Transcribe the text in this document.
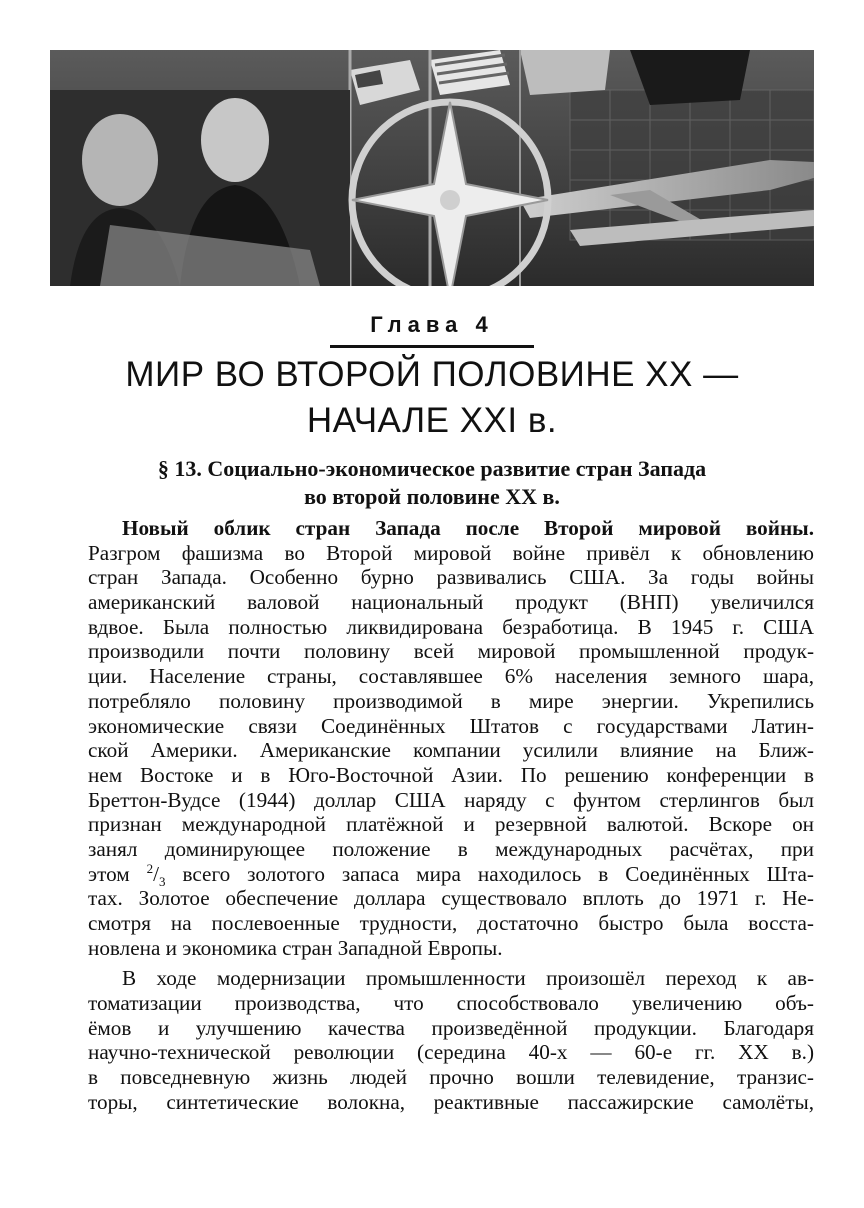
Глава 4
МИР ВО ВТОРОЙ ПОЛОВИНЕ XX —
НАЧАЛЕ XXI в.
§ 13. Социально-экономическое развитие стран Запада
во второй половине XX в.
Новый облик стран Запада после Второй мировой войны.
Разгром фашизма во Второй мировой войне привёл к обновлению
стран Запада. Особенно бурно развивались США. За годы войны
американский валовой национальный продукт (ВНП) увеличился
вдвое. Была полностью ликвидирована безработица. В 1945 г. США
производили почти половину всей мировой промышленной продук-
ции. Население страны, составлявшее 6% населения земного шара,
потребляло половину производимой в мире энергии. Укрепились
экономические связи Соединённых Штатов с государствами Латин-
ской Америки. Американские компании усилили влияние на Ближ-
нем Востоке и в Юго-Восточной Азии. По решению конференции в
Бреттон-Вудсе (1944) доллар США наряду с фунтом стерлингов был
признан международной платёжной и резервной валютой. Вскоре он
занял доминирующее положение в международных расчётах, при
этом $^2/_3$ всего золотого запаса мира находилось в Соединённых Шта-
тах. Золотое обеспечение доллара существовало вплоть до 1971 г. Не-
смотря на послевоенные трудности, достаточно быстро была восста-
новлена и экономика стран Западной Европы.
В ходе модернизации промышленности произошёл переход к ав-
томатизации производства, что способствовало увеличению объ-
ёмов и улучшению качества произведённой продукции. Благодаря
научно-технической революции (середина 40-х — 60-е гг. XX в.)
в повседневную жизнь людей прочно вошли телевидение, транзис-
торы, синтетические волокна, реактивные пассажирские самолёты,
